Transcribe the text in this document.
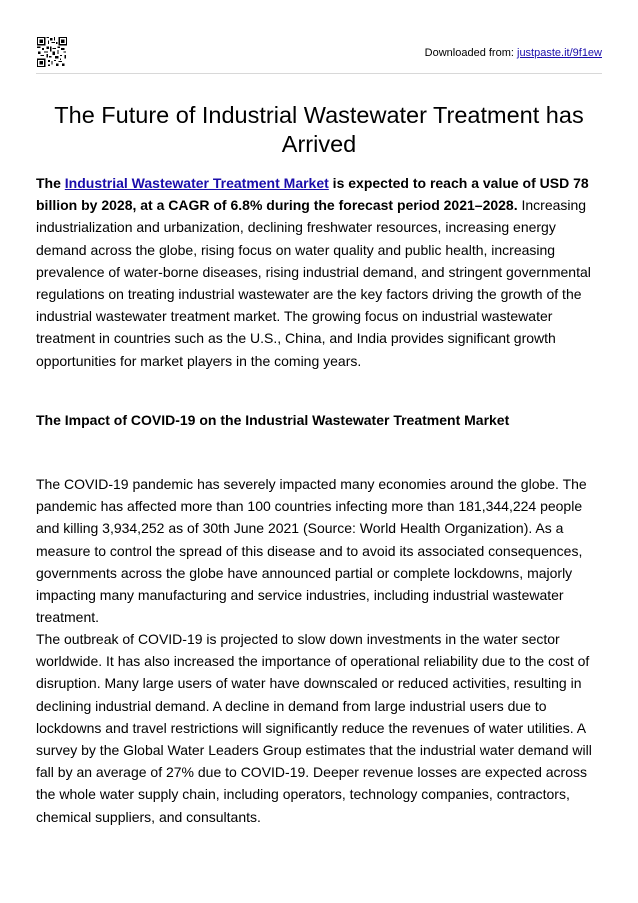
Downloaded from: justpaste.it/9f1ew
The Future of Industrial Wastewater Treatment has Arrived

The Industrial Wastewater Treatment Market is expected to reach a value of USD 78 billion by 2028, at a CAGR of 6.8% during the forecast period 2021–2028. Increasing industrialization and urbanization, declining freshwater resources, increasing energy demand across the globe, rising focus on water quality and public health, increasing prevalence of water-borne diseases, rising industrial demand, and stringent governmental regulations on treating industrial wastewater are the key factors driving the growth of the industrial wastewater treatment market. The growing focus on industrial wastewater treatment in countries such as the U.S., China, and India provides significant growth opportunities for market players in the coming years.

The Impact of COVID-19 on the Industrial Wastewater Treatment Market

The COVID-19 pandemic has severely impacted many economies around the globe. The pandemic has affected more than 100 countries infecting more than 181,344,224 people and killing 3,934,252 as of 30th June 2021 (Source: World Health Organization). As a measure to control the spread of this disease and to avoid its associated consequences, governments across the globe have announced partial or complete lockdowns, majorly impacting many manufacturing and service industries, including industrial wastewater treatment.

The outbreak of COVID-19 is projected to slow down investments in the water sector worldwide. It has also increased the importance of operational reliability due to the cost of disruption. Many large users of water have downscaled or reduced activities, resulting in declining industrial demand. A decline in demand from large industrial users due to lockdowns and travel restrictions will significantly reduce the revenues of water utilities. A survey by the Global Water Leaders Group estimates that the industrial water demand will fall by an average of 27% due to COVID-19. Deeper revenue losses are expected across the whole water supply chain, including operators, technology companies, contractors, chemical suppliers, and consultants.
